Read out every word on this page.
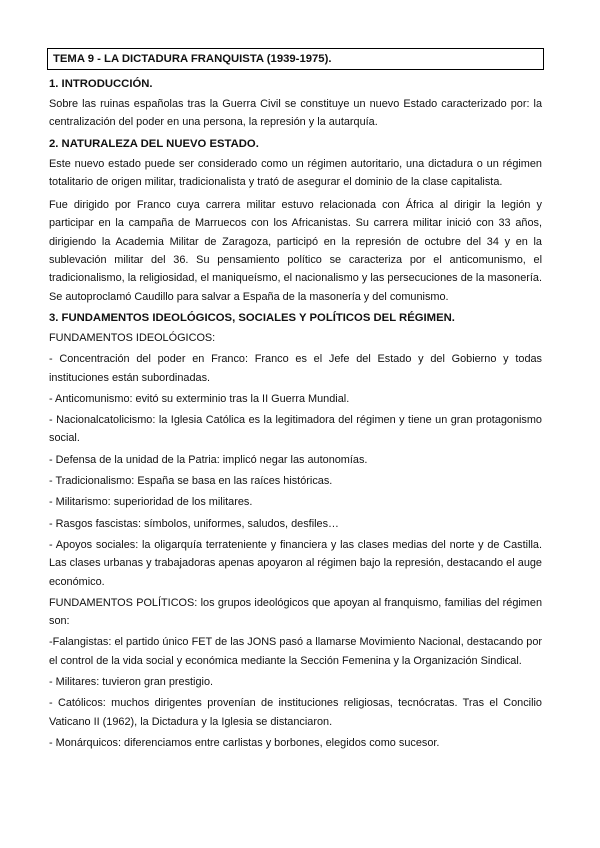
TEMA 9 - LA DICTADURA FRANQUISTA (1939-1975).
1. INTRODUCCIÓN.

Sobre las ruinas españolas tras la Guerra Civil se constituye un nuevo Estado caracterizado por: la centralización del poder en una persona, la represión y la autarquía.

2. NATURALEZA DEL NUEVO ESTADO.

Este nuevo estado puede ser considerado como un régimen autoritario, una dictadura o un régimen totalitario de origen militar, tradicionalista y trató de asegurar el dominio de la clase capitalista.

Fue dirigido por Franco cuya carrera militar estuvo relacionada con África al dirigir la legión y participar en la campaña de Marruecos con los Africanistas. Su carrera militar inició con 33 años, dirigiendo la Academia Militar de Zaragoza, participó en la represión de octubre del 34 y en la sublevación militar del 36. Su pensamiento político se caracteriza por el anticomunismo, el tradicionalismo, la religiosidad, el maniqueísmo, el nacionalismo y las persecuciones de la masonería. Se autoproclamó Caudillo para salvar a España de la masonería y del comunismo.

3. FUNDAMENTOS IDEOLÓGICOS, SOCIALES Y POLÍTICOS DEL RÉGIMEN.
FUNDAMENTOS IDEOLÓGICOS:

- Concentración del poder en Franco: Franco es el Jefe del Estado y del Gobierno y todas instituciones están subordinadas.

- Anticomunismo: evitó su exterminio tras la II Guerra Mundial.

- Nacionalcatolicismo: la Iglesia Católica es la legitimadora del régimen y tiene un gran protagonismo social.

- Defensa de la unidad de la Patria: implicó negar las autonomías.

- Tradicionalismo: España se basa en las raíces históricas.

- Militarismo: superioridad de los militares.

- Rasgos fascistas: símbolos, uniformes, saludos, desfiles…

- Apoyos sociales: la oligarquía terrateniente y financiera y las clases medias del norte y de Castilla. Las clases urbanas y trabajadoras apenas apoyaron al régimen bajo la represión, destacando el auge económico.

FUNDAMENTOS POLÍTICOS: los grupos ideológicos que apoyan al franquismo, familias del régimen son:

-Falangistas: el partido único FET de las JONS pasó a llamarse Movimiento Nacional, destacando por el control de la vida social y económica mediante la Sección Femenina y la Organización Sindical.

- Militares: tuvieron gran prestigio.

- Católicos: muchos dirigentes provenían de instituciones religiosas, tecnócratas. Tras el Concilio Vaticano II (1962), la Dictadura y la Iglesia se distanciaron.

- Monárquicos: diferenciamos entre carlistas y borbones, elegidos como sucesor.
